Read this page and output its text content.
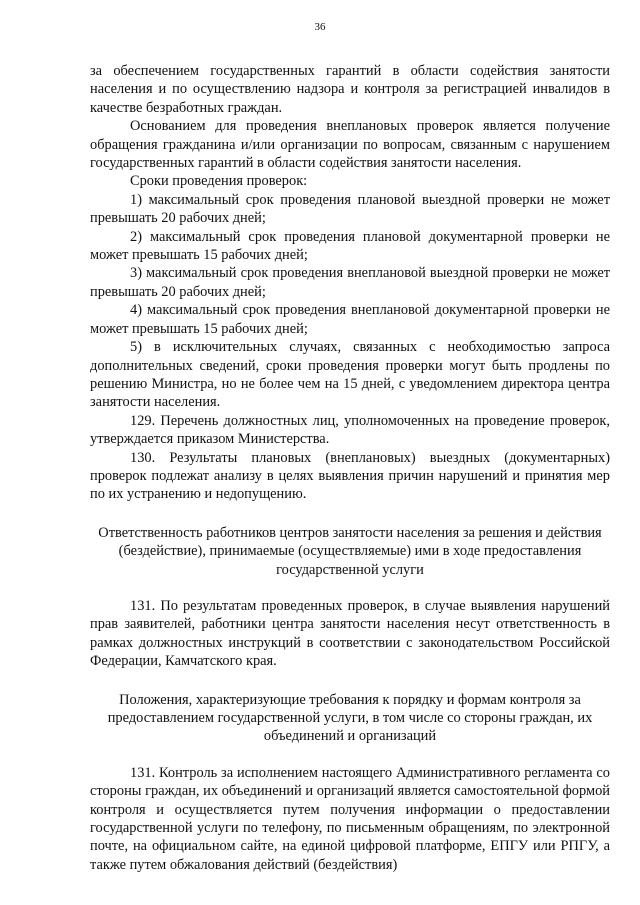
36

за обеспечением государственных гарантий в области содействия занятости населения и по осуществлению надзора и контроля за регистрацией инвалидов в качестве безработных граждан.

Основанием для проведения внеплановых проверок является получение обращения гражданина и/или организации по вопросам, связанным с нарушением государственных гарантий в области содействия занятости населения.

Сроки проведения проверок:

1) максимальный срок проведения плановой выездной проверки не может превышать 20 рабочих дней;

2) максимальный срок проведения плановой документарной проверки не может превышать 15 рабочих дней;

3) максимальный срок проведения внеплановой выездной проверки не может превышать 20 рабочих дней;

4) максимальный срок проведения внеплановой документарной проверки не может превышать 15 рабочих дней;

5) в исключительных случаях, связанных с необходимостью запроса дополнительных сведений, сроки проведения проверки могут быть продлены по решению Министра, но не более чем на 15 дней, с уведомлением директора центра занятости населения.

129. Перечень должностных лиц, уполномоченных на проведение проверок, утверждается приказом Министерства.

130. Результаты плановых (внеплановых) выездных (документарных) проверок подлежат анализу в целях выявления причин нарушений и принятия мер по их устранению и недопущению.

Ответственность работников центров занятости населения за решения и действия (бездействие), принимаемые (осуществляемые) ими в ходе предоставления государственной услуги

131. По результатам проведенных проверок, в случае выявления нарушений прав заявителей, работники центра занятости населения несут ответственность в рамках должностных инструкций в соответствии с законодательством Российской Федерации, Камчатского края.

Положения, характеризующие требования к порядку и формам контроля за предоставлением государственной услуги, в том числе со стороны граждан, их объединений и организаций

131. Контроль за исполнением настоящего Административного регламента со стороны граждан, их объединений и организаций является самостоятельной формой контроля и осуществляется путем получения информации о предоставлении государственной услуги по телефону, по письменным обращениям, по электронной почте, на официальном сайте, на единой цифровой платформе, ЕПГУ или РПГУ, а также путем обжалования действий (бездействия)
